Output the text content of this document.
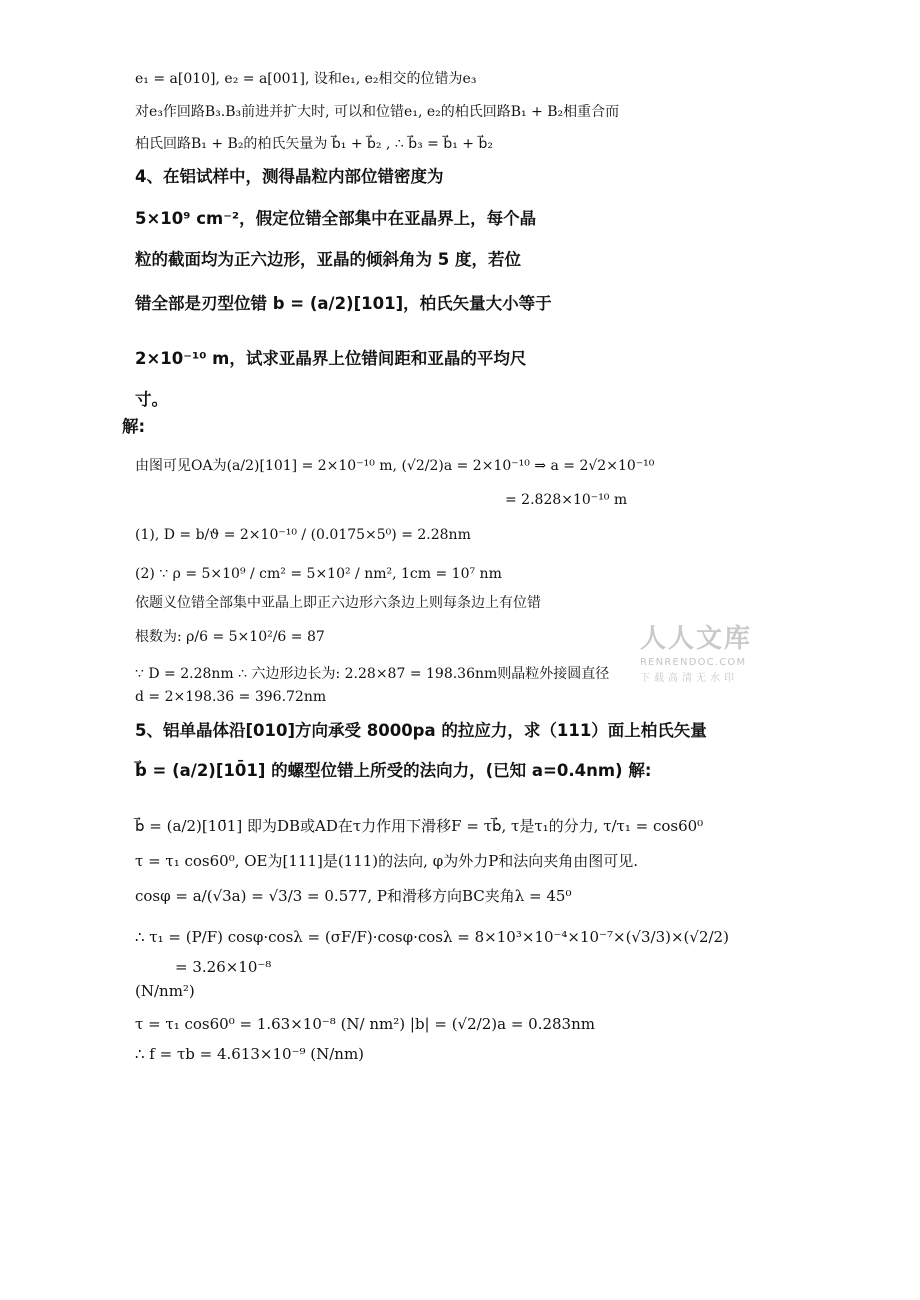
e₁ = a[010], e₂ = a[001], 设和e₁, e₂相交的位错为e₃
对e₃作回路B₃.B₃前进并扩大时, 可以和位错e₁, e₂的柏氏回路B₁ + B₂相重合而
柏氏回路B₁ + B₂的柏氏矢量为 b⃗₁ + b⃗₂ , ∴ b⃗₃ = b⃗₁ + b⃗₂
4、在铝试样中，测得晶粒内部位错密度为
5×10⁹ cm⁻²，假定位错全部集中在亚晶界上，每个晶
粒的截面均为正六边形，亚晶的倾斜角为 5 度，若位
错全部是刃型位错 b = (a/2)[101]，柏氏矢量大小等于
2×10⁻¹⁰ m，试求亚晶界上位错间距和亚晶的平均尺
寸。
解:
由图可见OA为(a/2)[101] = 2×10⁻¹⁰ m, (√2/2)a = 2×10⁻¹⁰ ⇒ a = 2√2×10⁻¹⁰
= 2.828×10⁻¹⁰ m
(1), D = b/ϑ = 2×10⁻¹⁰ / (0.0175×5⁰) = 2.28nm
(2) ∵ ρ = 5×10⁹ / cm² = 5×10² / nm², 1cm = 10⁷ nm
依题义位错全部集中亚晶上即正六边形六条边上则每条边上有位错
根数为: ρ/6 = 5×10²/6 = 87
∵ D = 2.28nm ∴ 六边形边长为: 2.28×87 = 198.36nm则晶粒外接圆直径
d = 2×198.36 = 396.72nm
5、铝单晶体沿[010]方向承受 8000pa 的拉应力，求（111）面上柏氏矢量
b⃗ = (a/2)[10̄1] 的螺型位错上所受的法向力，(已知 a=0.4nm) 解:
b⃗ = (a/2)[10̄1] 即为DB或AD在τ力作用下滑移F = τb⃗, τ是τ₁的分力, τ/τ₁ = cos60⁰
τ = τ₁ cos60⁰, OE为[111]是(111)的法向, φ为外力P和法向夹角由图可见.
cosφ = a/(√3a) = √3/3 = 0.577, P和滑移方向BC夹角λ = 45⁰
∴ τ₁ = (P/F) cosφ·cosλ = (σF/F)·cosφ·cosλ = 8×10³×10⁻⁴×10⁻⁷×(√3/3)×(√2/2)
= 3.26×10⁻⁸
(N/nm²)
τ = τ₁ cos60⁰ = 1.63×10⁻⁸ (N/ nm²) |b| = (√2/2)a = 0.283nm
∴ f = τb = 4.613×10⁻⁹ (N/nm)
人人文库
RENRENDOC.COM
下载高清无水印
